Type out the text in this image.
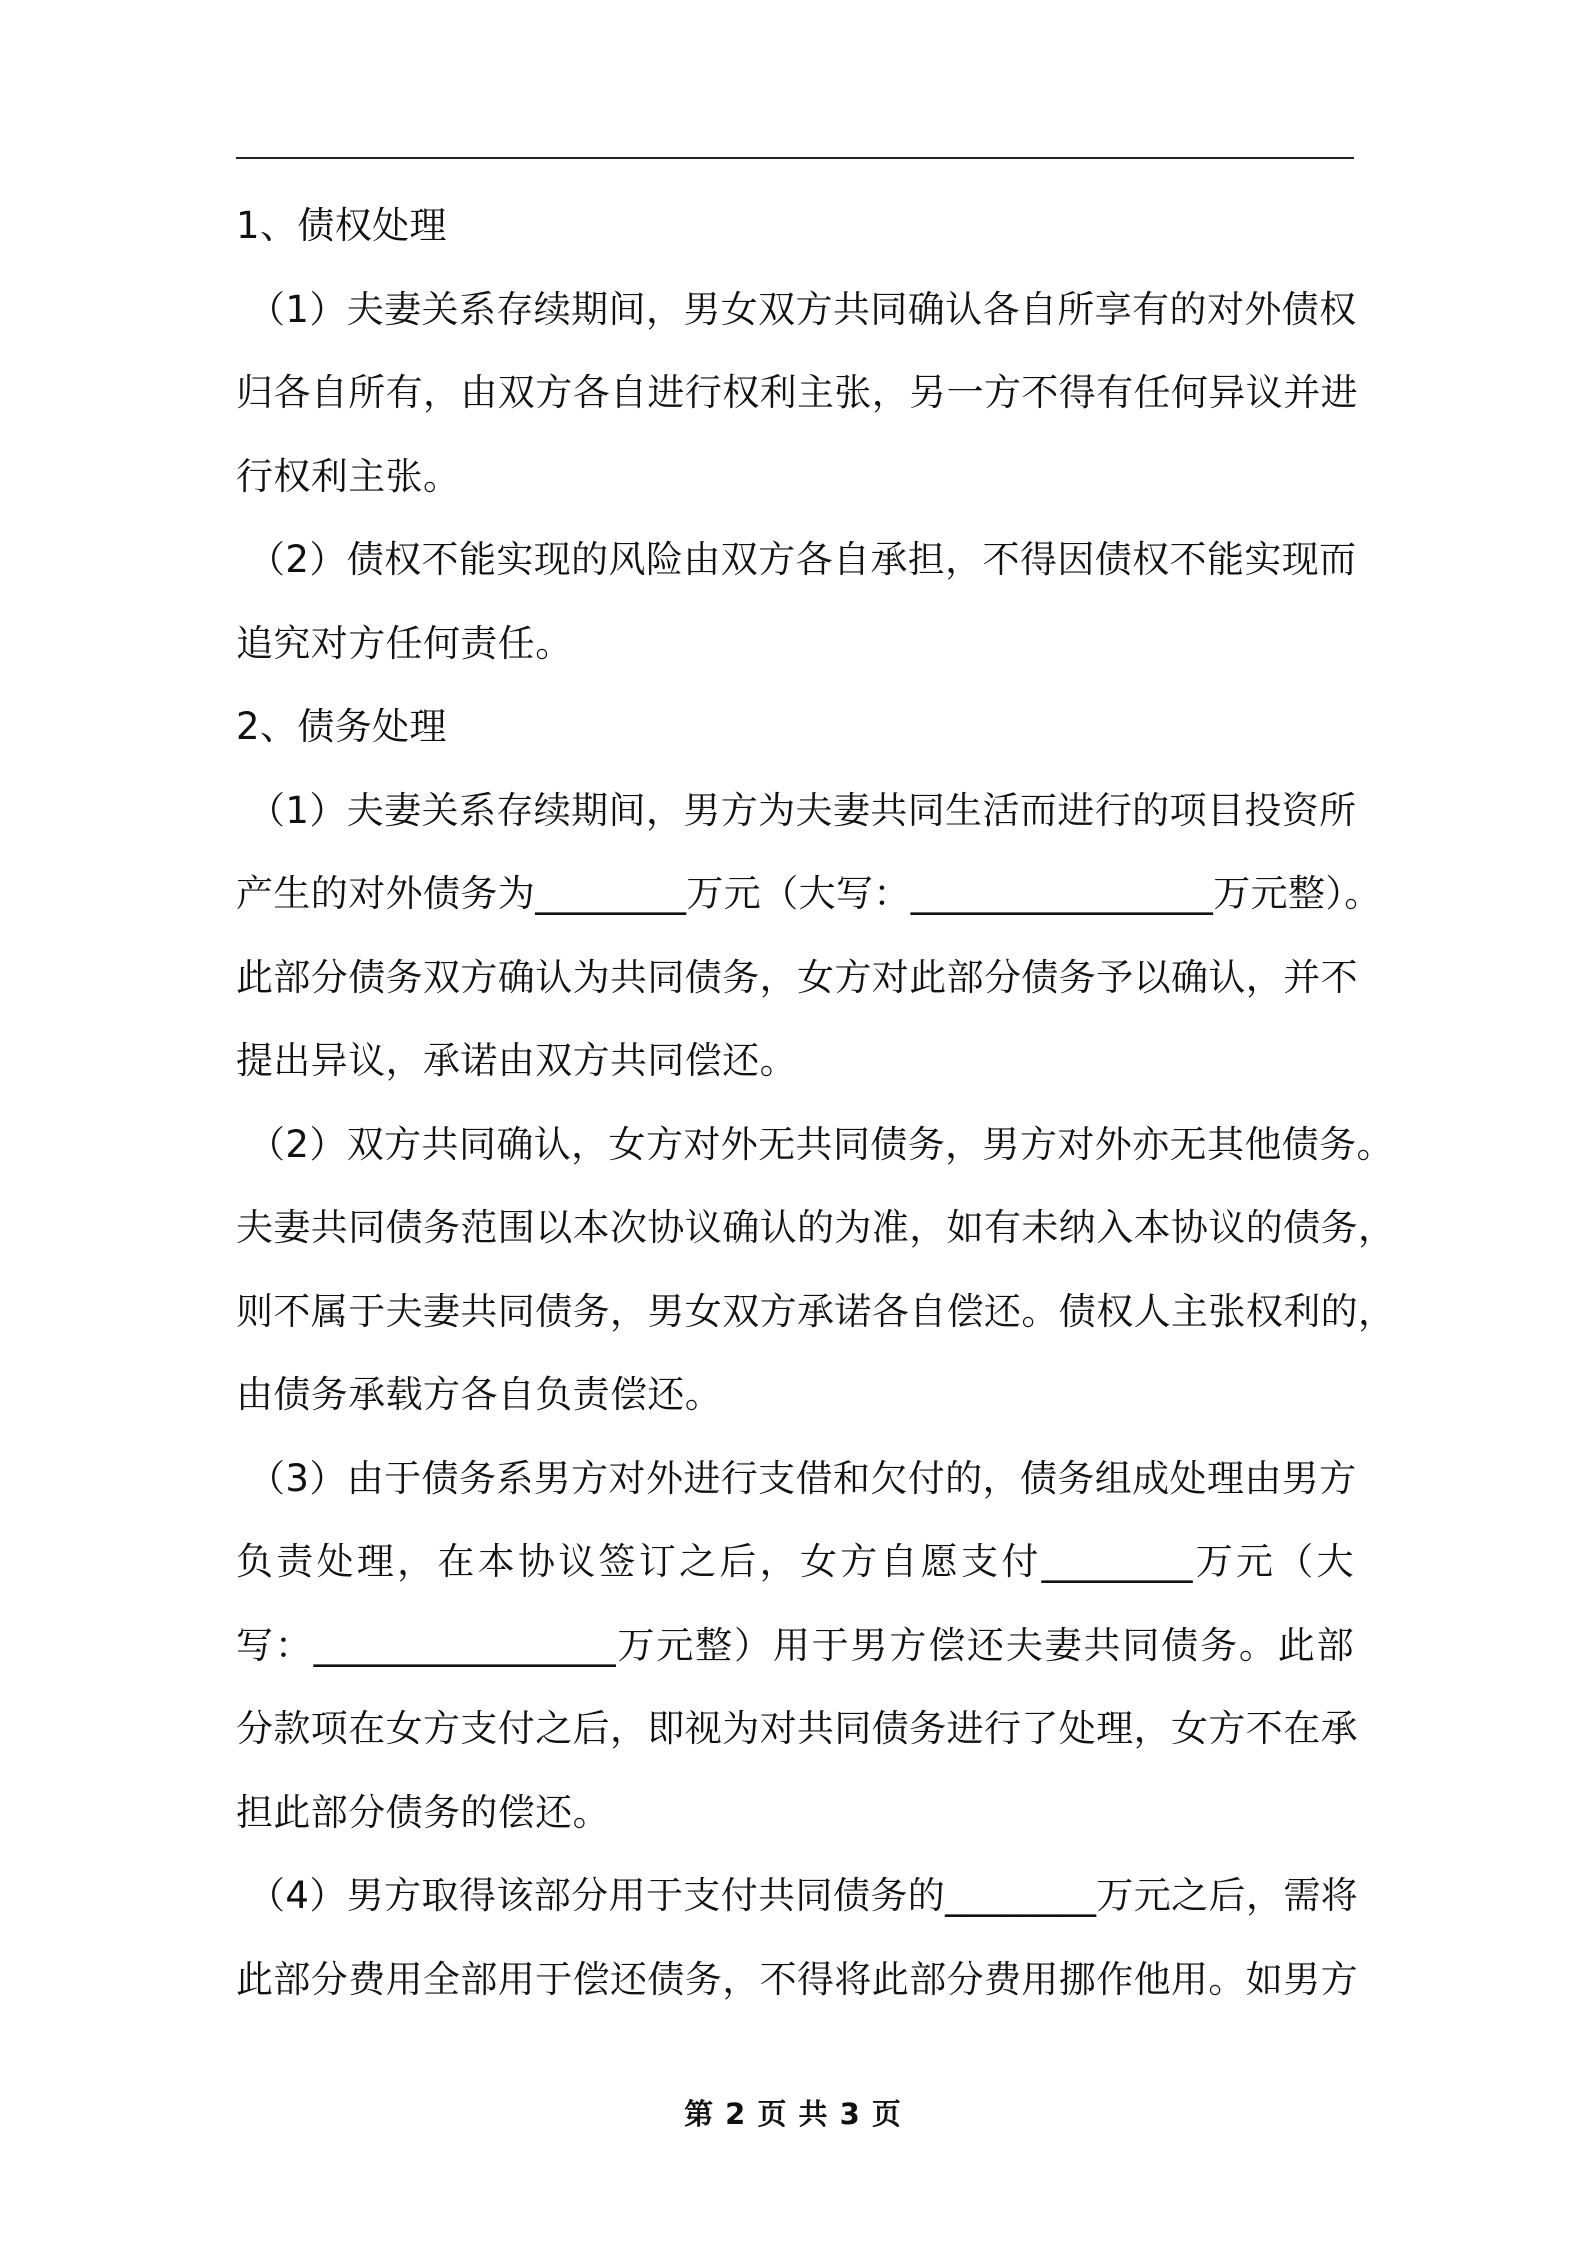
1、债权处理
（1）夫妻关系存续期间，男女双方共同确认各自所享有的对外债权
归各自所有，由双方各自进行权利主张，另一方不得有任何异议并进
行权利主张。
（2）债权不能实现的风险由双方各自承担，不得因债权不能实现而
追究对方任何责任。
2、债务处理
（1）夫妻关系存续期间，男方为夫妻共同生活而进行的项目投资所
产生的对外债务为________万元（大写：________________万元整）。
此部分债务双方确认为共同债务，女方对此部分债务予以确认，并不
提出异议，承诺由双方共同偿还。
（2）双方共同确认，女方对外无共同债务，男方对外亦无其他债务。
夫妻共同债务范围以本次协议确认的为准，如有未纳入本协议的债务，
则不属于夫妻共同债务，男女双方承诺各自偿还。债权人主张权利的，
由债务承载方各自负责偿还。
（3）由于债务系男方对外进行支借和欠付的，债务组成处理由男方
负责处理，在本协议签订之后，女方自愿支付________万元（大
写：________________万元整）用于男方偿还夫妻共同债务。此部
分款项在女方支付之后，即视为对共同债务进行了处理，女方不在承
担此部分债务的偿还。
（4）男方取得该部分用于支付共同债务的________万元之后，需将
此部分费用全部用于偿还债务，不得将此部分费用挪作他用。如男方
第 2 页 共 3 页
